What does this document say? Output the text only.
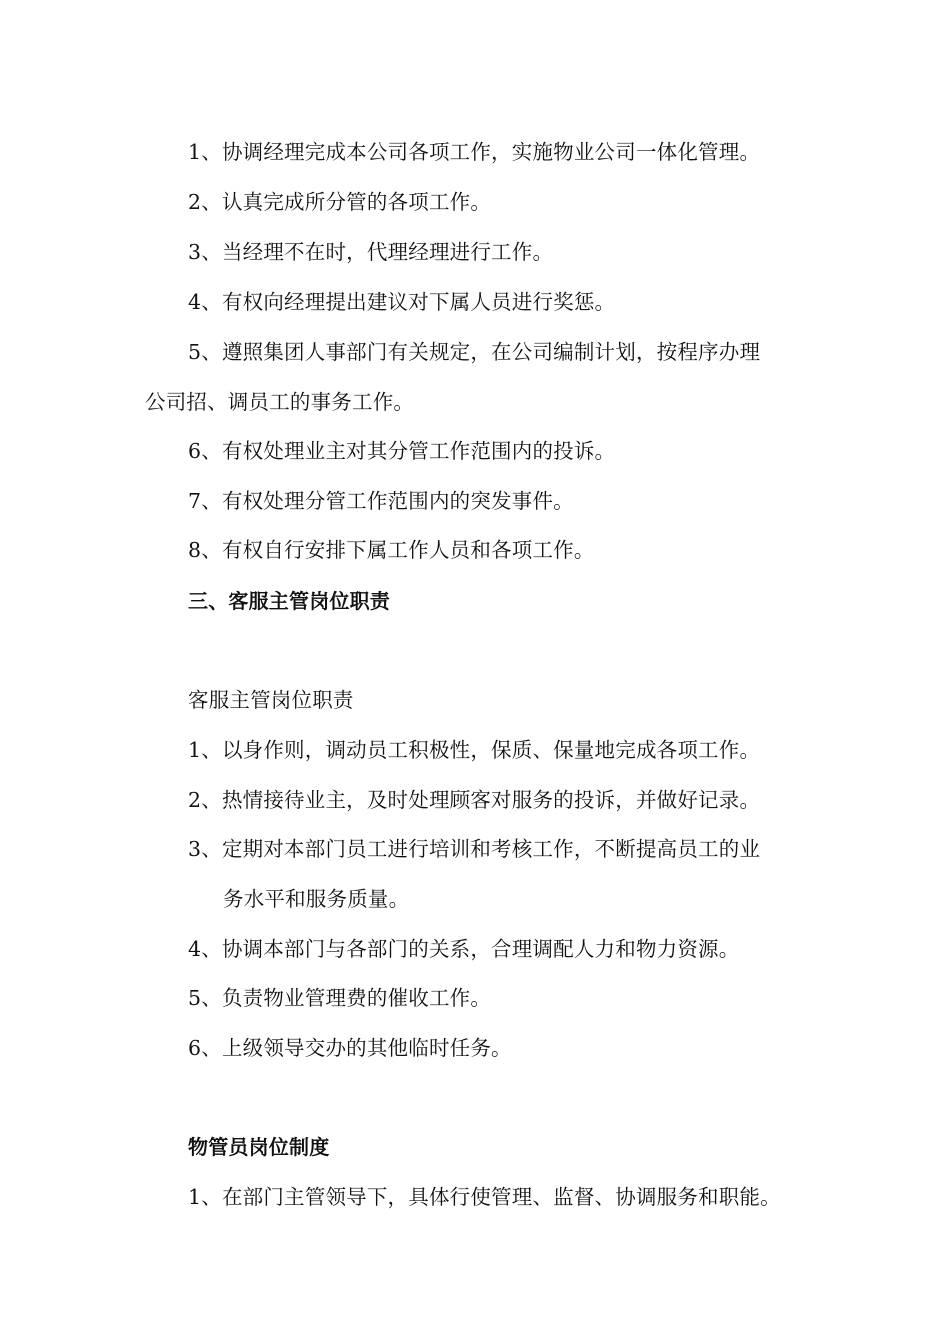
1、协调经理完成本公司各项工作，实施物业公司一体化管理。
2、认真完成所分管的各项工作。
3、当经理不在时，代理经理进行工作。
4、有权向经理提出建议对下属人员进行奖惩。
5、遵照集团人事部门有关规定，在公司编制计划，按程序办理
公司招、调员工的事务工作。
6、有权处理业主对其分管工作范围内的投诉。
7、有权处理分管工作范围内的突发事件。
8、有权自行安排下属工作人员和各项工作。
三、客服主管岗位职责
客服主管岗位职责
1、以身作则，调动员工积极性，保质、保量地完成各项工作。
2、热情接待业主，及时处理顾客对服务的投诉，并做好记录。
3、定期对本部门员工进行培训和考核工作，不断提高员工的业
务水平和服务质量。
4、协调本部门与各部门的关系，合理调配人力和物力资源。
5、负责物业管理费的催收工作。
6、上级领导交办的其他临时任务。
物管员岗位制度
1、在部门主管领导下，具体行使管理、监督、协调服务和职能。
